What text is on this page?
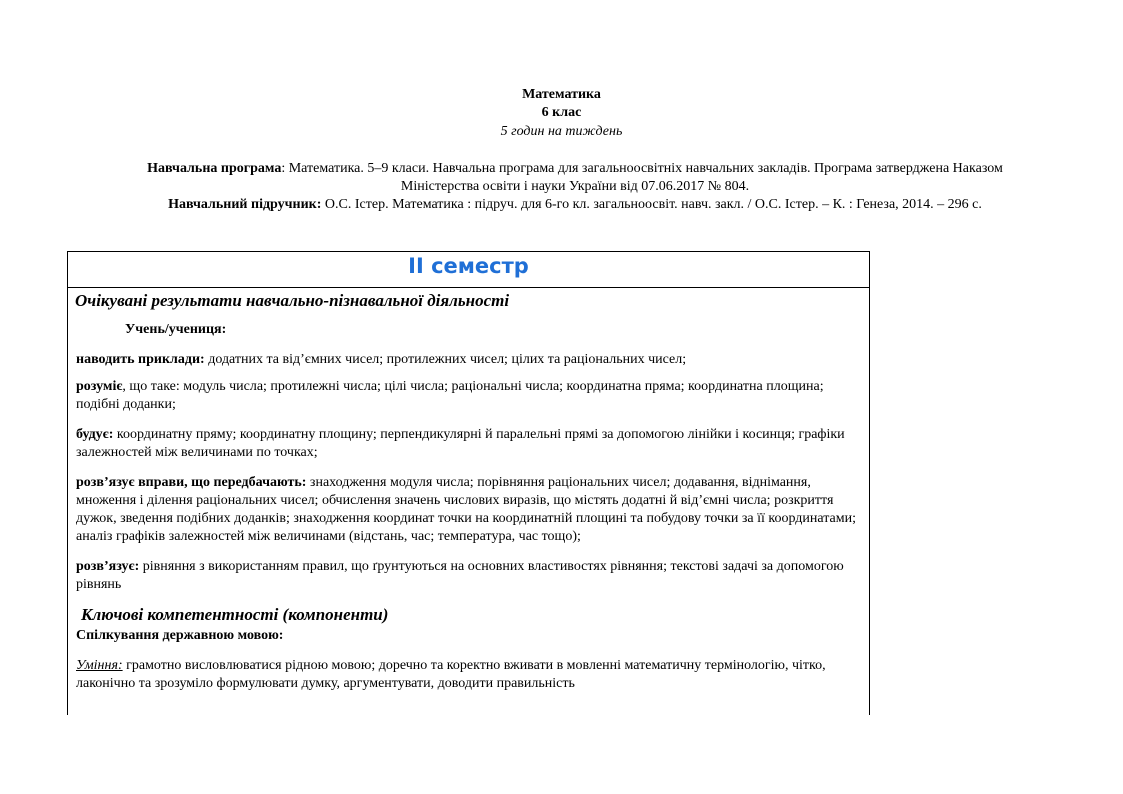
Математика
6 клас
5 годин на тиждень

Навчальна програма: Математика. 5–9 класи. Навчальна програма для загальноосвітніх навчальних закладів. Програма затверджена Наказом Міністерства освіти і науки України від 07.06.2017 № 804.

Навчальний підручник: О.С. Істер. Математика : підруч. для 6-го кл. загальноосвіт. навч. закл. / О.С. Істер. – К. : Генеза, 2014. – 296 с.

II семестр
Очікувані результати навчально-пізнавальної діяльності
Учень/учениця:

наводить приклади: додатних та від’ємних чисел; протилежних чисел; цілих та раціональних чисел;

розуміє, що таке: модуль числа; протилежні числа; цілі числа; раціональні числа; координатна пряма; координатна площина; подібні доданки;

будує: координатну пряму; координатну площину; перпендикулярні й паралельні прямі за допомогою лінійки і косинця; графіки залежностей між величинами по точках;

розв’язує вправи, що передбачають: знаходження модуля числа; порівняння раціональних чисел; додавання, віднімання, множення і ділення раціональних чисел; обчислення значень числових виразів, що містять додатні й від’ємні числа; розкриття дужок, зведення подібних доданків; знаходження координат точки на координатній площині та побудову точки за її координатами; аналіз графіків залежностей між величинами (відстань, час; температура, час тощо);

розв’язує: рівняння з використанням правил, що ґрунтуються на основних властивостях рівняння; текстові задачі за допомогою рівнянь

Ключові компетентності (компоненти)
Спілкування державною мовою:

Уміння: грамотно висловлюватися рідною мовою; доречно та коректно вживати в мовленні математичну термінологію, чітко, лаконічно та зрозуміло формулювати думку, аргументувати, доводити правильність
